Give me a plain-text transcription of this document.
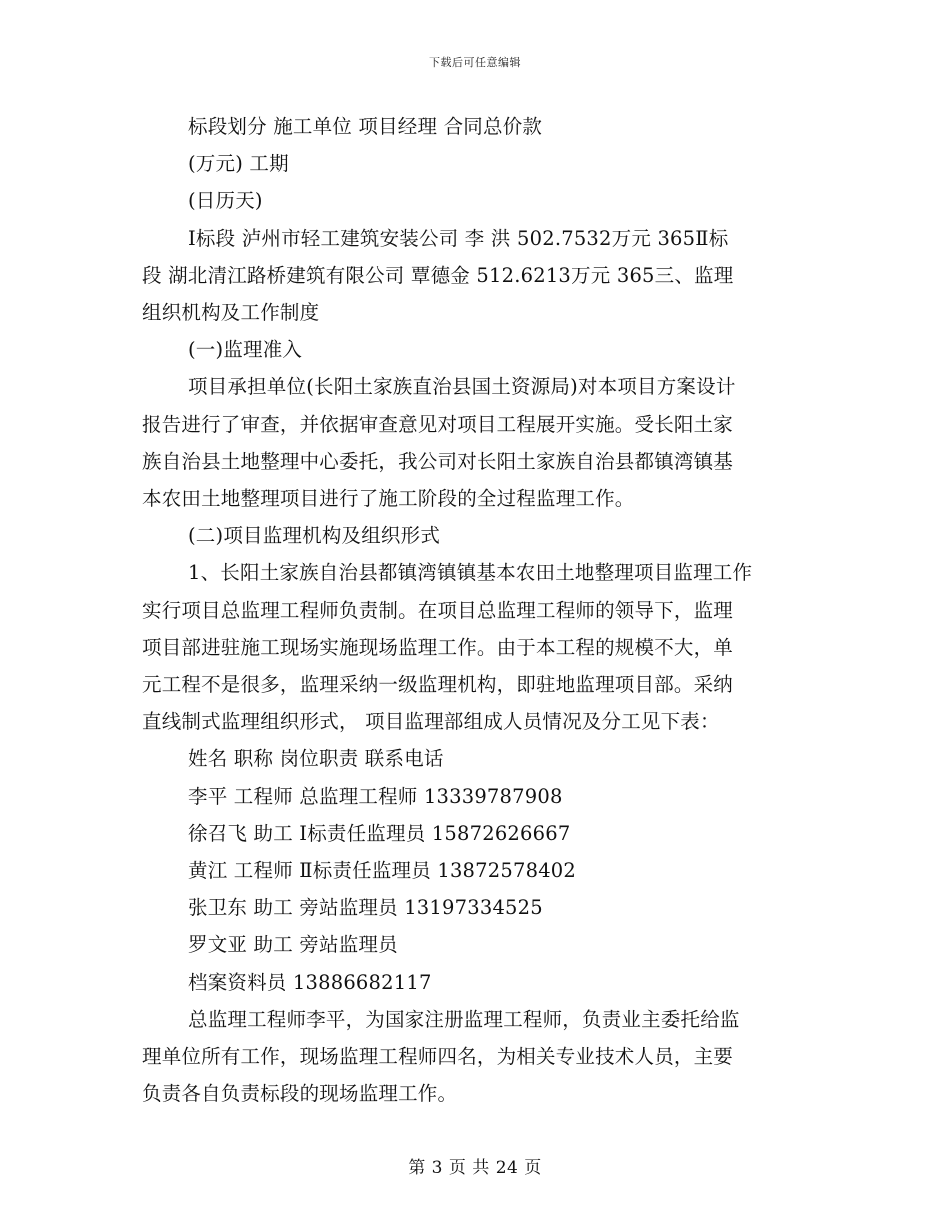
下载后可任意编辑
标段划分 施工单位 项目经理 合同总价款
(万元) 工期
(日历天)
Ⅰ标段 泸州市轻工建筑安装公司 李 洪 502.7532万元 365Ⅱ标
段 湖北清江路桥建筑有限公司 覃德金 512.6213万元 365三、监理
组织机构及工作制度
(一)监理准入
项目承担单位(长阳土家族直治县国土资源局)对本项目方案设计
报告进行了审查，并依据审查意见对项目工程展开实施。受长阳土家
族自治县土地整理中心委托，我公司对长阳土家族自治县都镇湾镇基
本农田土地整理项目进行了施工阶段的全过程监理工作。
(二)项目监理机构及组织形式
1、长阳土家族自治县都镇湾镇镇基本农田土地整理项目监理工作
实行项目总监理工程师负责制。在项目总监理工程师的领导下，监理
项目部进驻施工现场实施现场监理工作。由于本工程的规模不大，单
元工程不是很多，监理采纳一级监理机构，即驻地监理项目部。采纳
直线制式监理组织形式， 项目监理部组成人员情况及分工见下表：
姓名 职称 岗位职责 联系电话
李平 工程师 总监理工程师 13339787908
徐召飞 助工 Ⅰ标责任监理员 15872626667
黄江 工程师 Ⅱ标责任监理员 13872578402
张卫东 助工 旁站监理员 13197334525
罗文亚 助工 旁站监理员
档案资料员 13886682117
总监理工程师李平，为国家注册监理工程师，负责业主委托给监
理单位所有工作，现场监理工程师四名，为相关专业技术人员，主要
负责各自负责标段的现场监理工作。
第 3 页 共 24 页
